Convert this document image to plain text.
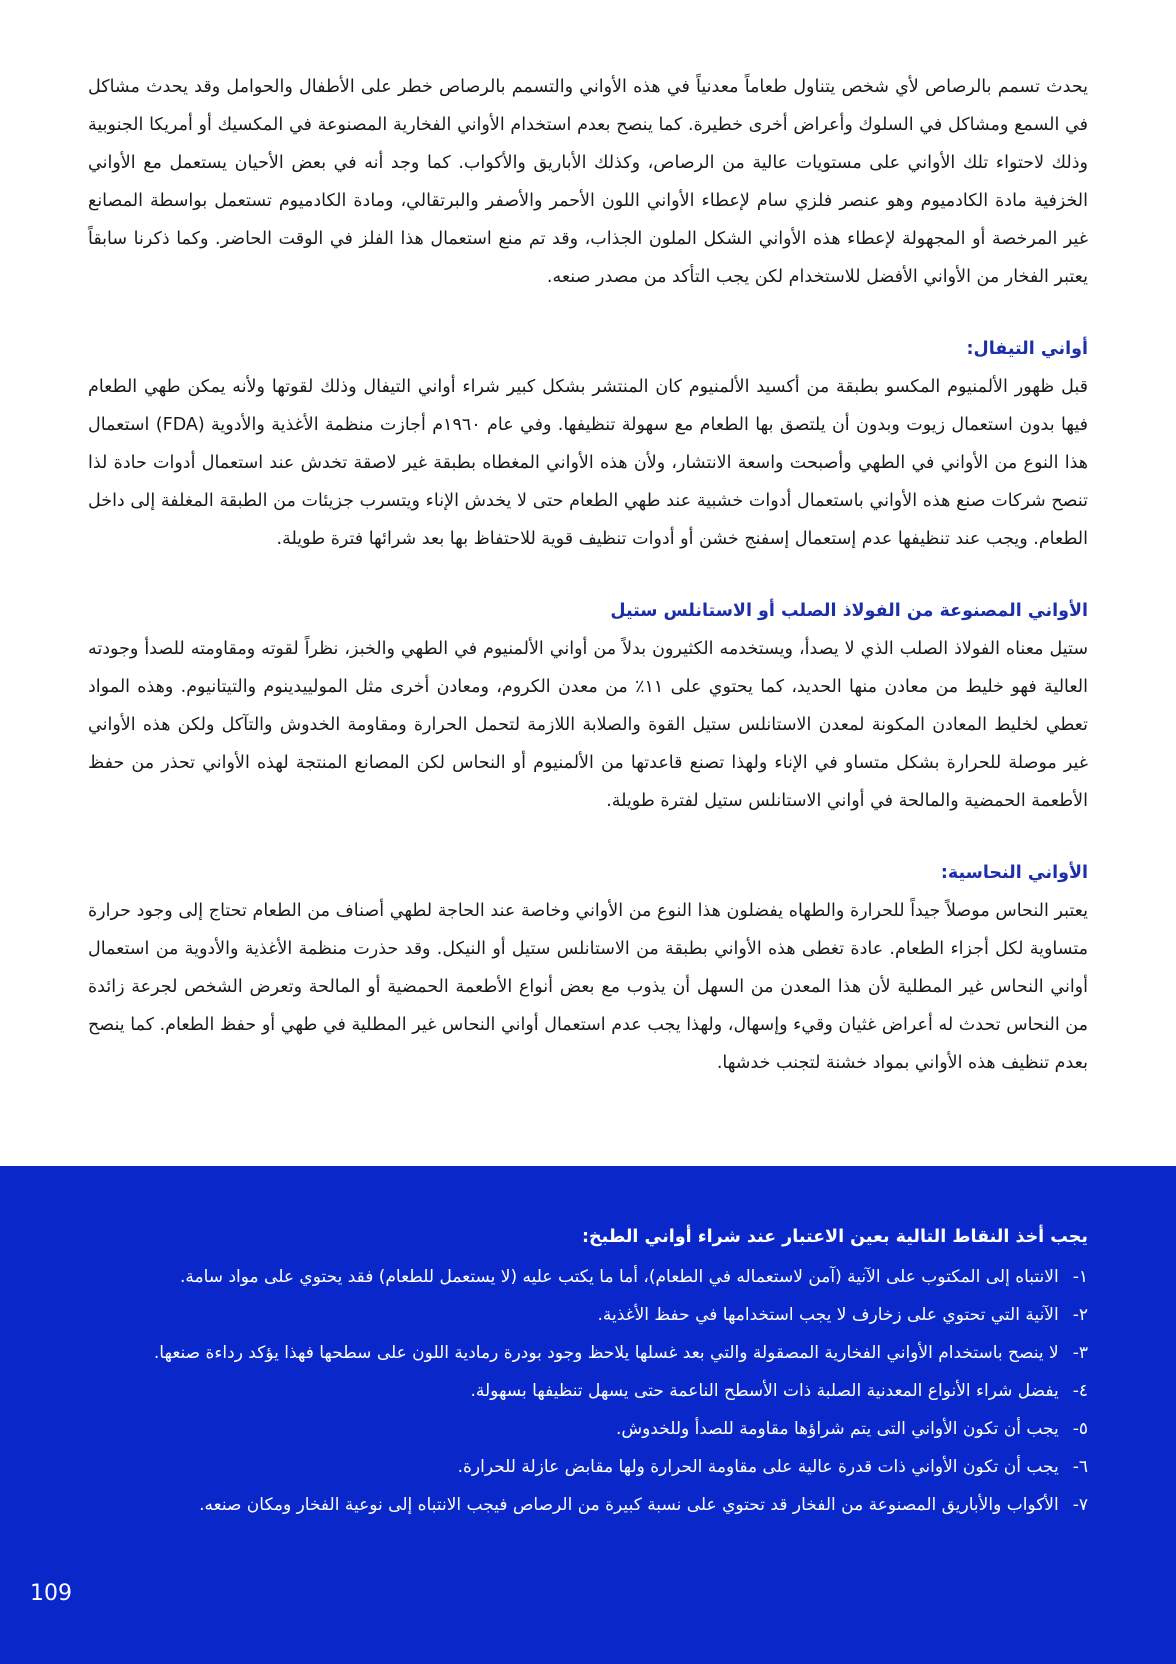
يحدث تسمم بالرصاص لأي شخص يتناول طعاماً معدنياً في هذه الأواني والتسمم بالرصاص خطر على الأطفال والحوامل وقد يحدث مشاكل في السمع ومشاكل في السلوك وأعراض أخرى خطيرة. كما ينصح بعدم استخدام الأواني الفخارية المصنوعة في المكسيك أو أمريكا الجنوبية وذلك لاحتواء تلك الأواني على مستويات عالية من الرصاص، وكذلك الأباريق والأكواب. كما وجد أنه في بعض الأحيان يستعمل مع الأواني الخزفية مادة الكادميوم وهو عنصر فلزي سام لإعطاء الأواني اللون الأحمر والأصفر والبرتقالي، ومادة الكادميوم تستعمل بواسطة المصانع غير المرخصة أو المجهولة لإعطاء هذه الأواني الشكل الملون الجذاب، وقد تم منع استعمال هذا الفلز في الوقت الحاضر. وكما ذكرنا سابقاً يعتبر الفخار من الأواني الأفضل للاستخدام لكن يجب التأكد من مصدر صنعه.

أواني التيفال:

قبل ظهور الألمنيوم المكسو بطبقة من أكسيد الألمنيوم كان المنتشر بشكل كبير شراء أواني التيفال وذلك لقوتها ولأنه يمكن طهي الطعام فيها بدون استعمال زيوت وبدون أن يلتصق بها الطعام مع سهولة تنظيفها. وفي عام ١٩٦٠م أجازت منظمة الأغذية والأدوية (FDA) استعمال هذا النوع من الأواني في الطهي وأصبحت واسعة الانتشار، ولأن هذه الأواني المغطاه بطبقة غير لاصقة تخدش عند استعمال أدوات حادة لذا تنصح شركات صنع هذه الأواني باستعمال أدوات خشبية عند طهي الطعام حتى لا يخدش الإناء ويتسرب جزيئات من الطبقة المغلفة إلى داخل الطعام. ويجب عند تنظيفها عدم إستعمال إسفنج خشن أو أدوات تنظيف قوية للاحتفاظ بها بعد شرائها فترة طويلة.

الأواني المصنوعة من الفولاذ الصلب أو الاستانلس ستيل

ستيل معناه الفولاذ الصلب الذي لا يصدأ، ويستخدمه الكثيرون بدلاً من أواني الألمنيوم في الطهي والخبز، نظراً لقوته ومقاومته للصدأ وجودته العالية فهو خليط من معادن منها الحديد، كما يحتوي على ١١٪ من معدن الكروم، ومعادن أخرى مثل المولييدينوم والتيتانيوم. وهذه المواد تعطي لخليط المعادن المكونة لمعدن الاستانلس ستيل القوة والصلابة اللازمة لتحمل الحرارة ومقاومة الخدوش والتآكل ولكن هذه الأواني غير موصلة للحرارة بشكل متساو في الإناء ولهذا تصنع قاعدتها من الألمنيوم أو النحاس لكن المصانع المنتجة لهذه الأواني تحذر من حفظ الأطعمة الحمضية والمالحة في أواني الاستانلس ستيل لفترة طويلة.

الأواني النحاسية:

يعتبر النحاس موصلاً جيداً للحرارة والطهاه يفضلون هذا النوع من الأواني وخاصة عند الحاجة لطهي أصناف من الطعام تحتاج إلى وجود حرارة متساوية لكل أجزاء الطعام. عادة تغطى هذه الأواني بطبقة من الاستانلس ستيل أو النيكل. وقد حذرت منظمة الأغذية والأدوية من استعمال أواني النحاس غير المطلية لأن هذا المعدن من السهل أن يذوب مع بعض أنواع الأطعمة الحمضية أو المالحة وتعرض الشخص لجرعة زائدة من النحاس تحدث له أعراض غثيان وقيء وإسهال، ولهذا يجب عدم استعمال أواني النحاس غير المطلية في طهي أو حفظ الطعام. كما ينصح بعدم تنظيف هذه الأواني بمواد خشنة لتجنب خدشها.

يجب أخذ النقاط التالية بعين الاعتبار عند شراء أواني الطبخ:
١-
الانتباه إلى المكتوب على الآنية (آمن لاستعماله في الطعام)، أما ما يكتب عليه (لا يستعمل للطعام) فقد يحتوي على مواد سامة.
٢-
الآنية التي تحتوي على زخارف لا يجب استخدامها في حفظ الأغذية.
٣-
لا ينصح باستخدام الأواني الفخارية المصقولة والتي بعد غسلها يلاحظ وجود بودرة رمادية اللون على سطحها فهذا يؤكد رداءة صنعها.
٤-
يفضل شراء الأنواع المعدنية الصلبة ذات الأسطح الناعمة حتى يسهل تنظيفها بسهولة.
٥-
يجب أن تكون الأواني التى يتم شراؤها مقاومة للصدأ وللخدوش.
٦-
يجب أن تكون الأواني ذات قدرة عالية على مقاومة الحرارة ولها مقابض عازلة للحرارة.
٧-
الأكواب والأباريق المصنوعة من الفخار قد تحتوي على نسبة كبيرة من الرصاص فيجب الانتباه إلى نوعية الفخار ومكان صنعه.
109
